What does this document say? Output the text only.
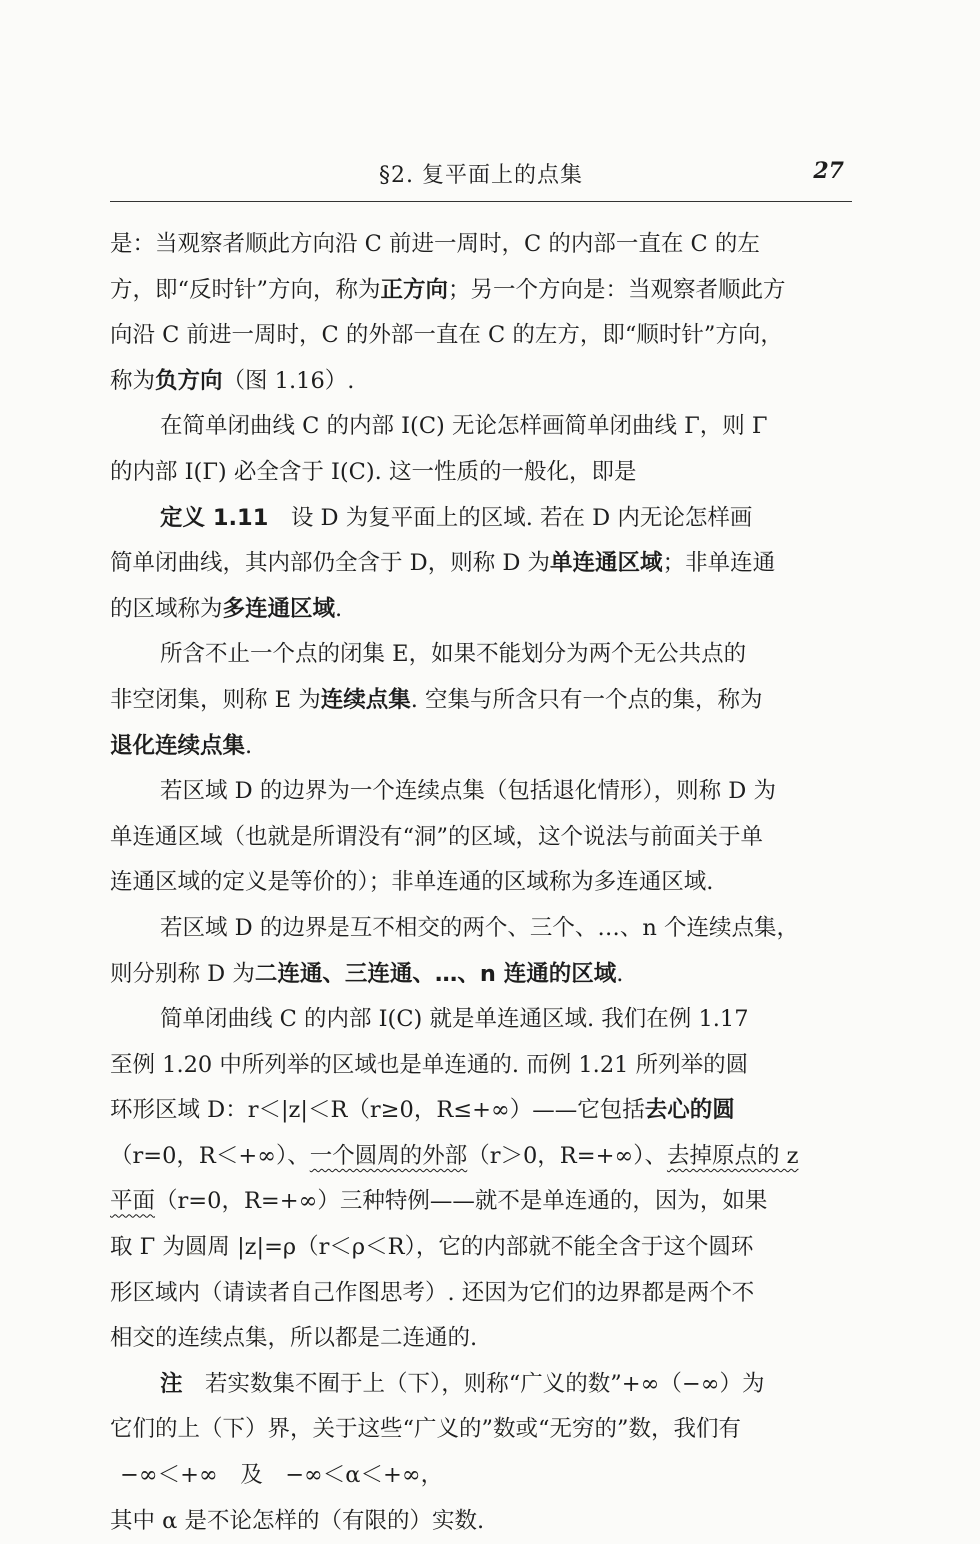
§2. 复平面上的点集	27

是：当观察者顺此方向沿 C 前进一周时，C 的内部一直在 C 的左
方，即“反时针”方向，称为正方向；另一个方向是：当观察者顺此方
向沿 C 前进一周时，C 的外部一直在 C 的左方，即“顺时针”方向，
称为负方向（图 1.16）.

在简单闭曲线 C 的内部 I(C) 无论怎样画简单闭曲线 Γ，则 Γ
的内部 I(Γ) 必全含于 I(C). 这一性质的一般化，即是

定义 1.11　设 D 为复平面上的区域. 若在 D 内无论怎样画
简单闭曲线，其内部仍全含于 D，则称 D 为单连通区域；非单连通
的区域称为多连通区域.

所含不止一个点的闭集 E，如果不能划分为两个无公共点的
非空闭集，则称 E 为连续点集. 空集与所含只有一个点的集，称为
退化连续点集.

若区域 D 的边界为一个连续点集（包括退化情形），则称 D 为
单连通区域（也就是所谓没有“洞”的区域，这个说法与前面关于单
连通区域的定义是等价的）；非单连通的区域称为多连通区域.

若区域 D 的边界是互不相交的两个、三个、…、n 个连续点集，
则分别称 D 为二连通、三连通、…、n 连通的区域.

简单闭曲线 C 的内部 I(C) 就是单连通区域. 我们在例 1.17
至例 1.20 中所列举的区域也是单连通的. 而例 1.21 所列举的圆
环形区域 D：r＜|z|＜R（r≥0，R≤+∞）——它包括去心的圆
（r=0，R＜+∞）、一个圆周的外部（r＞0，R=+∞）、去掉原点的 z
平面（r=0，R=+∞）三种特例——就不是单连通的，因为，如果
取 Γ 为圆周 |z|=ρ（r＜ρ＜R），它的内部就不能全含于这个圆环
形区域内（请读者自己作图思考）. 还因为它们的边界都是两个不
相交的连续点集，所以都是二连通的.

注　若实数集不囿于上（下），则称“广义的数”+∞（−∞）为
它们的上（下）界，关于这些“广义的”数或“无穷的”数，我们有

−∞＜+∞　及　−∞＜α＜+∞，

其中 α 是不论怎样的（有限的）实数.
